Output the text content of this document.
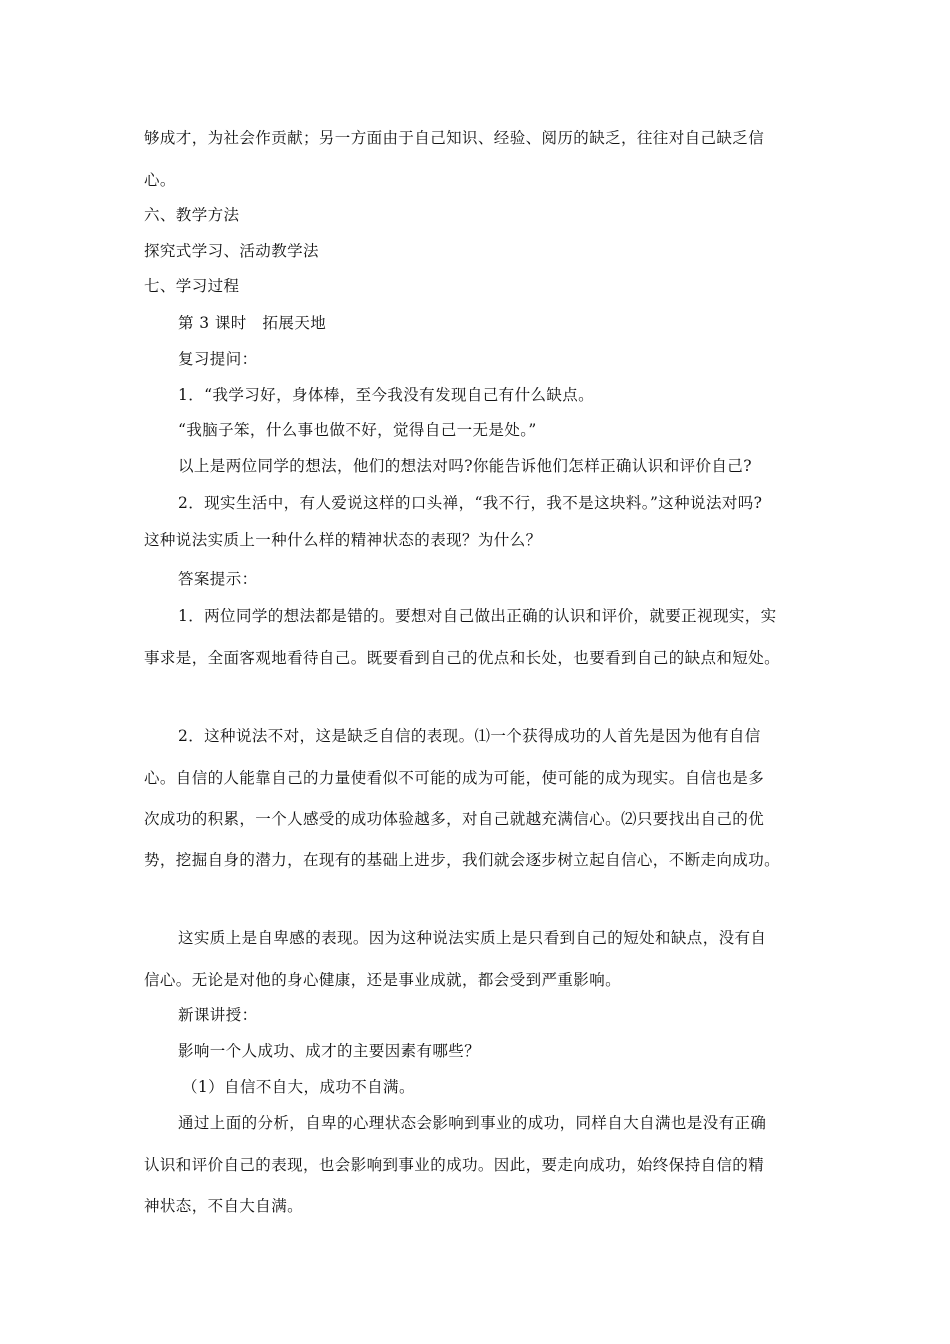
够成才，为社会作贡献；另一方面由于自己知识、经验、阅历的缺乏，往往对自己缺乏信
心。
六、教学方法
探究式学习、活动教学法
七、学习过程
第 3 课时　拓展天地
复习提问：
1．“我学习好，身体棒，至今我没有发现自己有什么缺点。
“我脑子笨，什么事也做不好，觉得自己一无是处。”
以上是两位同学的想法，他们的想法对吗?你能告诉他们怎样正确认识和评价自己?
2．现实生活中，有人爱说这样的口头禅，“我不行，我不是这块料。”这种说法对吗?
这种说法实质上一种什么样的精神状态的表现？为什么？
答案提示：
1．两位同学的想法都是错的。要想对自己做出正确的认识和评价，就要正视现实，实
事求是，全面客观地看待自己。既要看到自己的优点和长处，也要看到自己的缺点和短处。
2．这种说法不对，这是缺乏自信的表现。⑴一个获得成功的人首先是因为他有自信
心。自信的人能靠自己的力量使看似不可能的成为可能，使可能的成为现实。自信也是多
次成功的积累，一个人感受的成功体验越多，对自己就越充满信心。⑵只要找出自己的优
势，挖掘自身的潜力，在现有的基础上进步，我们就会逐步树立起自信心，不断走向成功。
这实质上是自卑感的表现。因为这种说法实质上是只看到自己的短处和缺点，没有自
信心。无论是对他的身心健康，还是事业成就，都会受到严重影响。
新课讲授：
影响一个人成功、成才的主要因素有哪些？
（1）自信不自大，成功不自满。
通过上面的分析，自卑的心理状态会影响到事业的成功，同样自大自满也是没有正确
认识和评价自己的表现，也会影响到事业的成功。因此，要走向成功，始终保持自信的精
神状态，不自大自满。
